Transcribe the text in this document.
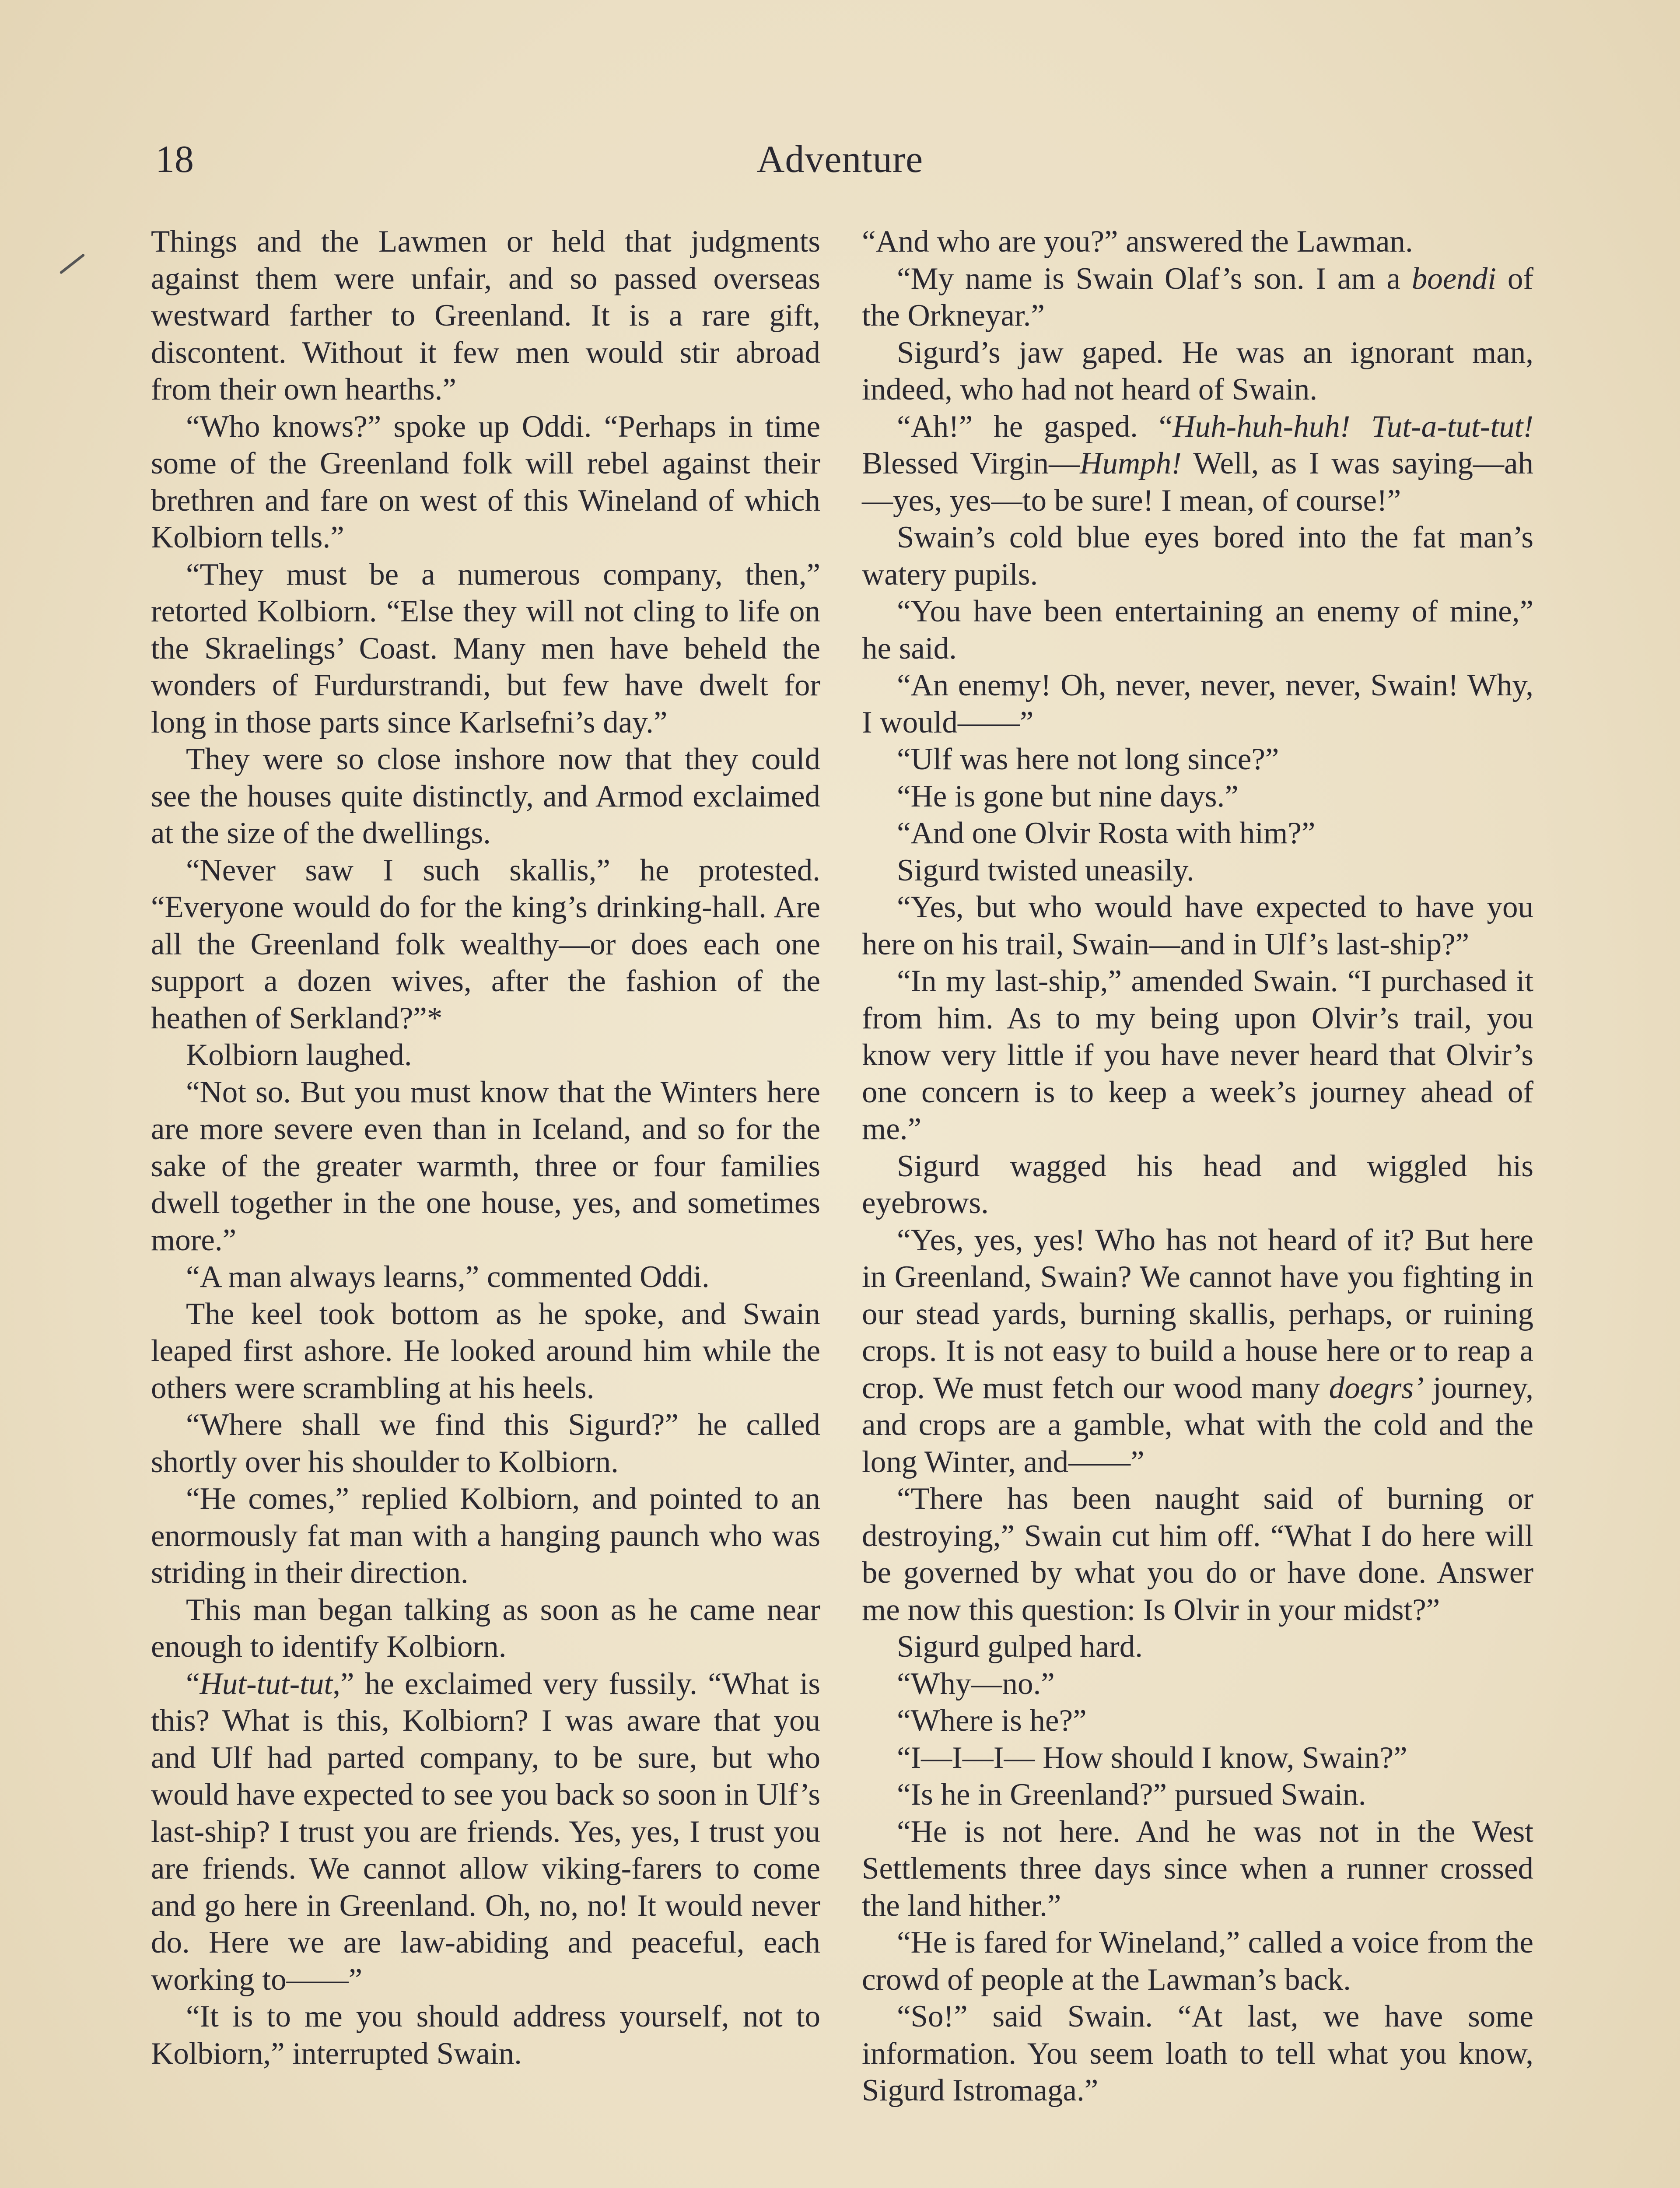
18	Adventure

Things and the Lawmen or held that judgments against them were unfair, and so passed overseas westward farther to Greenland. It is a rare gift, discontent. Without it few men would stir abroad from their own hearths.”

“Who knows?” spoke up Oddi. “Perhaps in time some of the Greenland folk will rebel against their brethren and fare on west of this Wineland of which Kolbiorn tells.”

“They must be a numerous company, then,” retorted Kolbiorn. “Else they will not cling to life on the Skraelings’ Coast. Many men have beheld the wonders of Furdurstrandi, but few have dwelt for long in those parts since Karlsefni’s day.”

They were so close inshore now that they could see the houses quite distinctly, and Armod exclaimed at the size of the dwellings.

“Never saw I such skallis,” he protested. “Everyone would do for the king’s drinking-hall. Are all the Greenland folk wealthy—or does each one support a dozen wives, after the fashion of the heathen of Serkland?”*

Kolbiorn laughed.

“Not so. But you must know that the Winters here are more severe even than in Iceland, and so for the sake of the greater warmth, three or four families dwell together in the one house, yes, and sometimes more.”

“A man always learns,” commented Oddi.

The keel took bottom as he spoke, and Swain leaped first ashore. He looked around him while the others were scrambling at his heels.

“Where shall we find this Sigurd?” he called shortly over his shoulder to Kolbiorn.

“He comes,” replied Kolbiorn, and pointed to an enormously fat man with a hanging paunch who was striding in their direction.

This man began talking as soon as he came near enough to identify Kolbiorn.

“Hut-tut-tut,” he exclaimed very fussily. “What is this? What is this, Kolbiorn? I was aware that you and Ulf had parted company, to be sure, but who would have expected to see you back so soon in Ulf’s last-ship? I trust you are friends. Yes, yes, I trust you are friends. We cannot allow viking-farers to come and go here in Greenland. Oh, no, no! It would never do. Here we are law-abiding and peaceful, each working to——”

“It is to me you should address yourself, not to Kolbiorn,” interrupted Swain.

“And who are you?” answered the Lawman.

“My name is Swain Olaf’s son. I am a boendi of the Orkneyar.”

Sigurd’s jaw gaped. He was an ignorant man, indeed, who had not heard of Swain.

“Ah!” he gasped. “Huh-huh-huh! Tut-a-tut-tut! Blessed Virgin—Humph! Well, as I was saying—ah—yes, yes—to be sure! I mean, of course!”

Swain’s cold blue eyes bored into the fat man’s watery pupils.

“You have been entertaining an enemy of mine,” he said.

“An enemy! Oh, never, never, never, Swain! Why, I would——”

“Ulf was here not long since?”

“He is gone but nine days.”

“And one Olvir Rosta with him?”

Sigurd twisted uneasily.

“Yes, but who would have expected to have you here on his trail, Swain—and in Ulf’s last-ship?”

“In my last-ship,” amended Swain. “I purchased it from him. As to my being upon Olvir’s trail, you know very little if you have never heard that Olvir’s one concern is to keep a week’s journey ahead of me.”

Sigurd wagged his head and wiggled his eyebrows.

“Yes, yes, yes! Who has not heard of it? But here in Greenland, Swain? We cannot have you fighting in our stead yards, burning skallis, perhaps, or ruining crops. It is not easy to build a house here or to reap a crop. We must fetch our wood many doegrs’ journey, and crops are a gamble, what with the cold and the long Winter, and——”

“There has been naught said of burning or destroying,” Swain cut him off. “What I do here will be governed by what you do or have done. Answer me now this question: Is Olvir in your midst?”

Sigurd gulped hard.

“Why—no.”

“Where is he?”

“I—I—I— How should I know, Swain?”

“Is he in Greenland?” pursued Swain.

“He is not here. And he was not in the West Settlements three days since when a runner crossed the land hither.”

“He is fared for Wineland,” called a voice from the crowd of people at the Lawman’s back.

“So!” said Swain. “At last, we have some information. You seem loath to tell what you know, Sigurd Istromaga.”
